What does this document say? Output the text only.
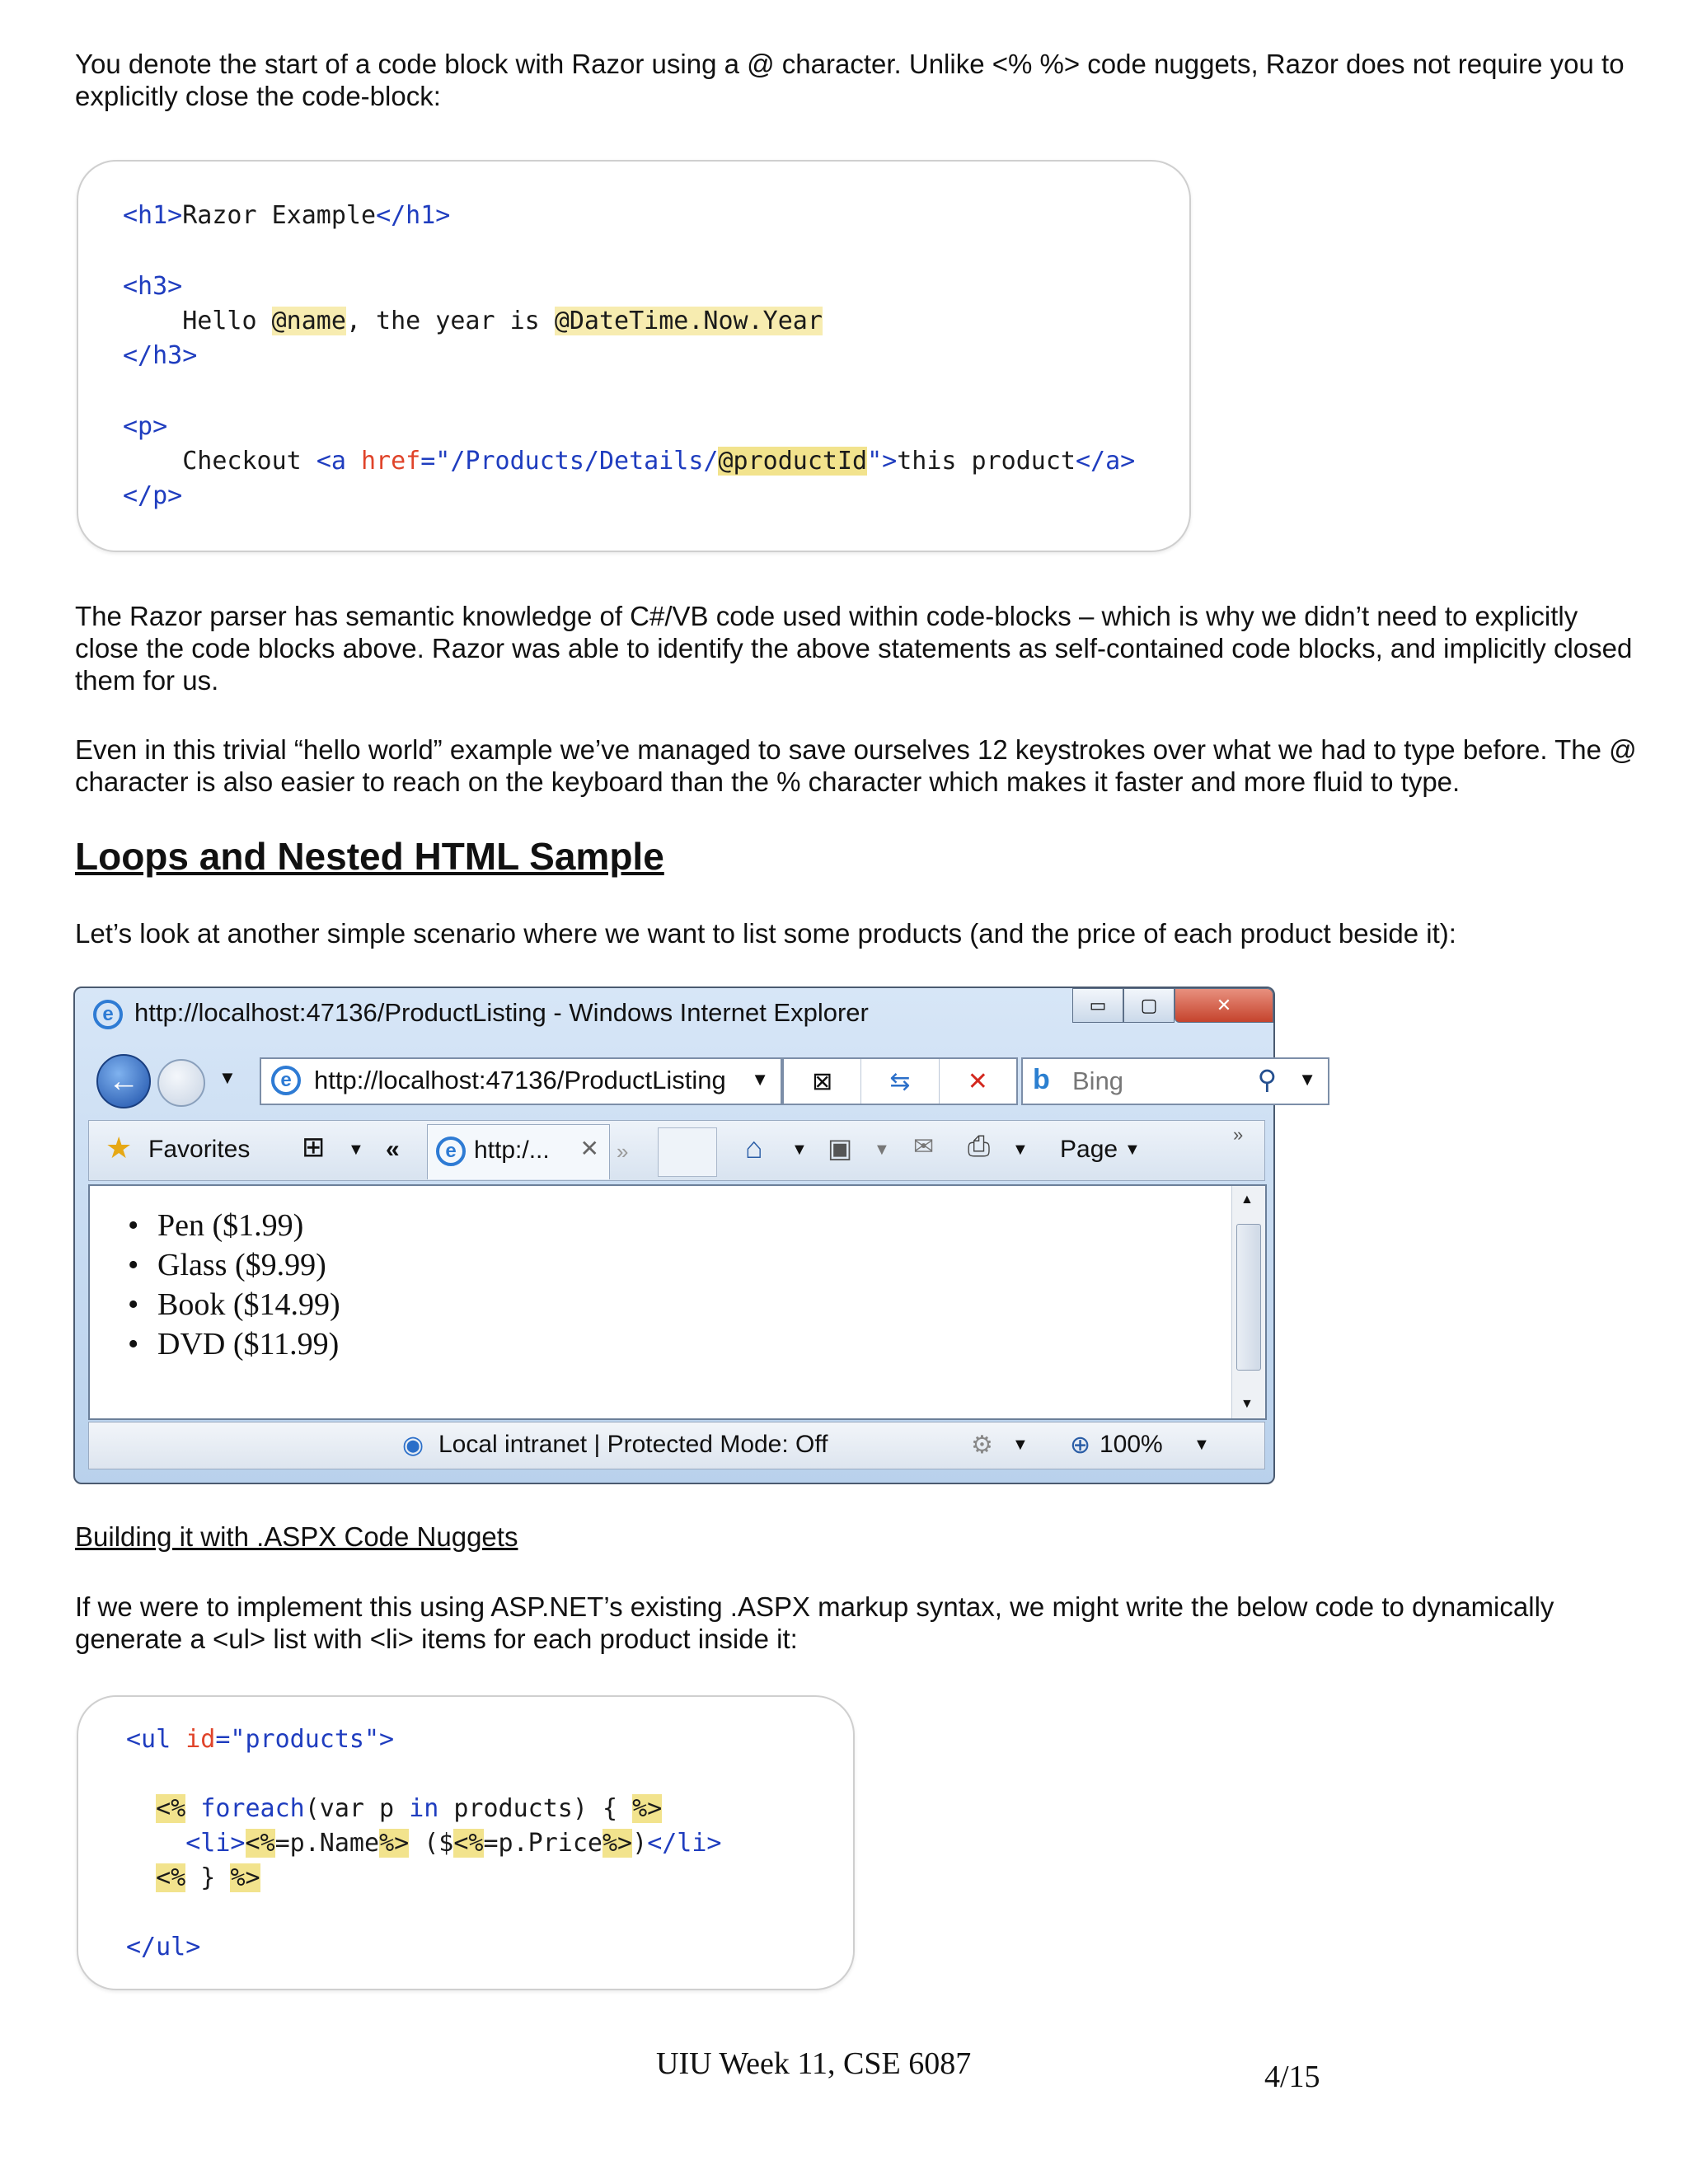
You denote the start of a code block with Razor using a @ character. Unlike <% %> code nuggets, Razor does not require you to explicitly close the code-block:

<h1>Razor Example</h1>

<h3>

Hello @name, the year is @DateTime.Now.Year

</h3>

<p>

Checkout <a href="/Products/Details/@productId">this product</a>

</p>

The Razor parser has semantic knowledge of C#/VB code used within code-blocks – which is why we didn’t need to explicitly close the code blocks above. Razor was able to identify the above statements as self-contained code blocks, and implicitly closed them for us.

Even in this trivial “hello world” example we’ve managed to save ourselves 12 keystrokes over what we had to type before. The @ character is also easier to reach on the keyboard than the % character which makes it faster and more fluid to type.

Loops and Nested HTML Sample

Let’s look at another simple scenario where we want to list some products (and the price of each product beside it):

e http://localhost:47136/ProductListing - Windows Internet Explorer	▭	▢	✕
←	▼	e http://localhost:47136/ProductListing ▼	⊠	⇆	✕	b Bing	⚲ ▼
★ Favorites ⊞ ▼ «	e http:/... ✕ »	⌂ ▼ ▣ ▼ ✉ ⎙ ▼ Page ▼
»
• Pen ($1.99)
• Glass ($9.99)
• Book ($14.99)
• DVD ($11.99)
▲
▼
◉ Local intranet | Protected Mode: Off	⚙ ▼ ⊕ 100% ▼

Building it with .ASPX Code Nuggets

If we were to implement this using ASP.NET’s existing .ASPX markup syntax, we might write the below code to dynamically generate a <ul> list with <li> items for each product inside it:

<ul id="products">

<% foreach(var p in products) { %>

<li><%=p.Name%> ($<%=p.Price%>)</li>

<% } %>

</ul>

UIU Week 11, CSE 6087	4/15
